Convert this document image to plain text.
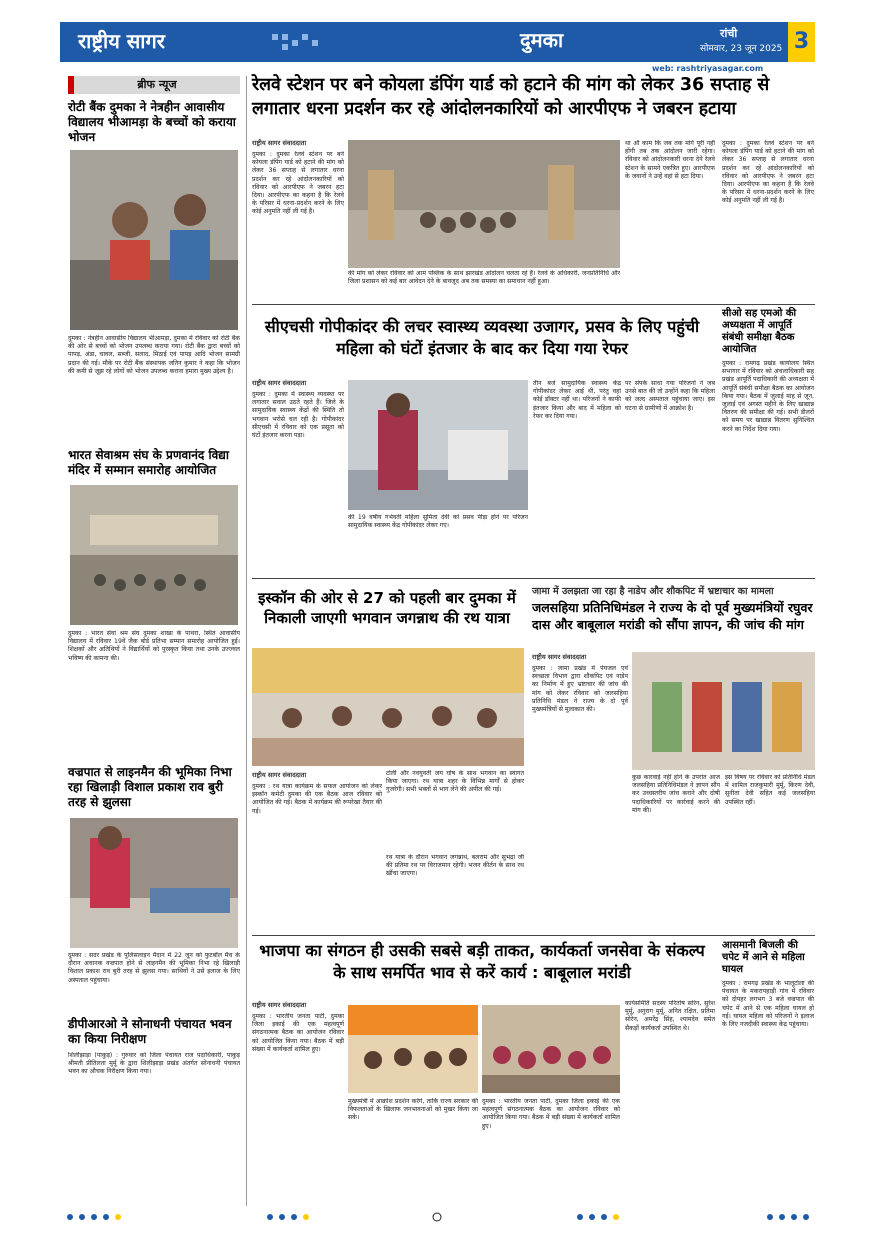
राष्ट्रीय सागर	दुमका	रांची
सोमवार, 23 जून 2025 3
web: rashtriyasagar.com
ब्रीफ न्यूज
रोटी बैंक दुमका ने नेत्रहीन आवासीय विद्यालय भीआमड़ा के बच्चों को कराया भोजन
दुमका : नेत्रहीन आवासीय विद्यालय भीआमड़ा, दुमका में रविवार को रोटी बैंक की ओर से बच्चों को भोजन उपलब्ध कराया गया। रोटी बैंक द्वारा बच्चों को पापड़, अंडा, चावल, सब्जी, सलाद, मिठाई एवं पापड़ आदि भोजन सामग्री प्रदान की गई। मौके पर रोटी बैंक संस्थापक जतिन कुमार ने कहा कि भोजन की कमी से जूझ रहे लोगों को भोजन उपलब्ध कराना हमारा मुख्य उद्देश्य है।
भारत सेवाश्रम संघ के प्रणवानंद विद्या मंदिर में सम्मान समारोह आयोजित
दुमका : भारत सेवा श्रम संघ दुमका शाखा के पाथरा, स्थित आवासीय विद्यालय में रविवार 19वें जैक बोर्ड प्रतिभा सम्मान समारोह आयोजित हुई। शिक्षकों और अतिथियों ने विद्यार्थियों को पुरस्कृत किया तथा उनके उज्ज्वल भविष्य की कामना की।
वज्रपात से लाइनमैन की भूमिका निभा रहा खिलाड़ी विशाल प्रकाश राव बुरी तरह से झुलसा
दुमका : सदर प्रखंड के पुलिसलाइन मैदान में 22 जून को फुटबॉल मैच के दौरान अचानक वज्रपात होने से लाइनमैन की भूमिका निभा रहे खिलाड़ी विशाल प्रकाश राव बुरी तरह से झुलस गया। साथियों ने उसे इलाज के लिए अस्पताल पहुंचाया।
डीपीआरओ ने सोनाधनी पंचायत भवन का किया निरीक्षण
शिलीझाड़ा (पाकुड़) : गुरुवार को जिला पंचायत राज पदाधिकारी, पाकुड़ श्रीमती प्रीतिलता मुर्मू के द्वारा शिलीझाड़ा प्रखंड अंतर्गत सोनाधनी पंचायत भवन का औचक निरीक्षण किया गया।
रेलवे स्टेशन पर बने कोयला डंपिंग यार्ड को हटाने की मांग को लेकर 36 सप्ताह से लगातार धरना प्रदर्शन कर रहे आंदोलनकारियों को आरपीएफ ने जबरन हटाया
राष्ट्रीय सागर संवाददाता
दुमका : दुमका रेलवे स्टेशन पर बने कोयला डंपिंग यार्ड को हटाने की मांग को लेकर 36 सप्ताह से लगातार धरना प्रदर्शन कर रहे आंदोलनकारियों को रविवार को आरपीएफ ने जबरन हटा दिया। आरपीएफ का कहना है कि रेलवे के परिसर में धरना-प्रदर्शन करने के लिए कोई अनुमति नहीं ली गई है।
की मांग को लेकर रविवार को आम पब्लिक के साथ झारखंड आंदोलन चलता रहे हैं। रेलवे के अधिकारी, जनप्रतिनिधि और जिला प्रशासन को कई बार आवेदन देने के बावजूद अब तक समस्या का समाधान नहीं हुआ।
था औ काम कि जब तक मांगें पूरी नहीं होंगी तब तक आंदोलन जारी रहेगा। रविवार को आंदोलनकारी धरना देने रेलवे स्टेशन के सामने एकत्रित हुए। आरपीएफ के जवानों ने उन्हें वहां से हटा दिया।
दुमका : दुमका रेलवे स्टेशन पर बने कोयला डंपिंग यार्ड को हटाने की मांग को लेकर 36 सप्ताह से लगातार धरना प्रदर्शन कर रहे आंदोलनकारियों को रविवार को आरपीएफ ने जबरन हटा दिया। आरपीएफ का कहना है कि रेलवे के परिसर में धरना-प्रदर्शन करने के लिए कोई अनुमति नहीं ली गई है।
सीएचसी गोपीकांदर की लचर स्वास्थ्य व्यवस्था उजागर, प्रसव के लिए पहुंची महिला को घंटों इंतजार के बाद कर दिया गया रेफर
राष्ट्रीय सागर संवाददाता
दुमका : दुमका में स्वास्थ्य व्यवस्था पर लगातार सवाल उठते रहते हैं। जिले के सामुदायिक स्वास्थ्य केंद्रों की स्थिति तो भगवान भरोसे चल रही है। गोपीकांदर सीएचसी में रविवार को एक प्रसूता को घंटों इंतजार करना पड़ा।
की 19 वर्षीय गर्भवती महिला सुमिता देवी को प्रसव पीड़ा होने पर परिजन सामुदायिक स्वास्थ्य केंद्र गोपीकांदर लेकर गए।
तीन बजे सामुदायिक स्वास्थ्य केंद्र गोपीकांदर लेकर आई थी, परंतु वहां कोई डॉक्टर नहीं था। परिजनों ने काफी इंतजार किया और बाद में महिला को रेफर कर दिया गया।
पर संपर्क साधा गया परिजनों ने जब उनसे बात की तो उन्होंने कहा कि महिला को जल्द अस्पताल पहुंचाया जाए। इस घटना से ग्रामीणों में आक्रोश है।
सीओ सह एमओ की अध्यक्षता में आपूर्ति संबंधी समीक्षा बैठक आयोजित
दुमका : रामगढ़ प्रखंड कार्यालय स्थित सभागार में रविवार को अंचलाधिकारी सह प्रखंड आपूर्ति पदाधिकारी की अध्यक्षता में आपूर्ति संबंधी समीक्षा बैठक का आयोजन किया गया। बैठक में जुलाई माह से जून, जुलाई एवं अगस्त महीने के लिए खाद्यान्न वितरण की समीक्षा की गई। सभी डीलरों को समय पर खाद्यान्न वितरण सुनिश्चित करने का निर्देश दिया गया।
इस्कॉन की ओर से 27 को पहली बार दुमका में निकाली जाएगी भगवान जगन्नाथ की रथ यात्रा
राष्ट्रीय सागर संवाददाता
दुमका : रथ यात्रा कार्यक्रम के सफल आयोजन को लेकर इस्कॉन कमेटी दुमका की एक बैठक आज रविवार को आयोजित की गई। बैठक में कार्यक्रम की रूपरेखा तैयार की गई।
टोली और नवयुवती जय घोष के साथ भगवान का स्वागत किया जाएगा। रथ यात्रा शहर के विभिन्न मार्गों से होकर गुजरेगी। सभी भक्तों से भाग लेने की अपील की गई।
रथ यात्रा के दौरान भगवान जगन्नाथ, बलराम और सुभद्रा जी की प्रतिमा रथ पर विराजमान रहेगी। भजन कीर्तन के साथ रथ खींचा जाएगा।
जामा में उलझता जा रहा है नाडेप और शौकपिट में भ्रष्टाचार का मामला
जलसहिया प्रतिनिधिमंडल ने राज्य के दो पूर्व मुख्यमंत्रियों रघुवर दास और बाबूलाल मरांडी को सौंपा ज्ञापन, की जांच की मांग
राष्ट्रीय सागर संवाददाता
दुमका : जामा प्रखंड में पेयजल एवं स्वच्छता विभाग द्वारा शौकपिट एवं नाडेप का निर्माण में हुए भ्रष्टाचार की जांच की मांग को लेकर रविवार को जलसहिया प्रतिनिधि मंडल ने राज्य के दो पूर्व मुख्यमंत्रियों से मुलाकात की।
कुछ कारवाई नहीं होने के उपरांत आज जलसहिया प्रतिनिधिमंडल ने ज्ञापन सौंप कर उच्चस्तरीय जांच कराने और दोषी पदाधिकारियों पर कार्रवाई करने की मांग की।
इस विषय पर रविवार को प्रतिनिधि मंडल में शामिल राजकुमारी मुर्मू, किरण देवी, सुनीता देवी सहित कई जलसहिया उपस्थित रहीं।
भाजपा का संगठन ही उसकी सबसे बड़ी ताकत, कार्यकर्ता जनसेवा के संकल्प के साथ समर्पित भाव से करें कार्य : बाबूलाल मरांडी
राष्ट्रीय सागर संवाददाता
दुमका : भारतीय जनता पार्टी, दुमका जिला इकाई की एक महत्वपूर्ण संगठनात्मक बैठक का आयोजन रविवार को आयोजित किया गया। बैठक में बड़ी संख्या में कार्यकर्ता शामिल हुए।
मुख्यमंत्री में आक्रोश प्रदर्शन करेंगे, ताकि राज्य सरकार की विफलताओं के खिलाफ जनभावनाओं को मुखर किया जा सके।
दुमका : भारतीय जनता पार्टी, दुमका जिला इकाई की एक महत्वपूर्ण संगठनात्मक बैठक का आयोजन रविवार को आयोजित किया गया। बैठक में बड़ी संख्या में कार्यकर्ता शामिल हुए।
कार्यसमिति सदस्य परितोष सोरेन, सुरेश मुर्मू, अनुराग मुर्मू, अनित रक्षित, प्रतिमा सोरेन, अमरेंद्र सिंह, श्यामदेव समेत सैकड़ों कार्यकर्ता उपस्थित थे।
आसमानी बिजली की चपेट में आने से महिला घायल
दुमका : रामगढ़ प्रखंड के भालूटोला की पंचायत के मकरापहाड़ी गांव में रविवार को दोपहर लगभग 3 बजे वज्रपात की चपेट में आने से एक महिला घायल हो गई। घायल महिला को परिजनों ने इलाज के लिए नजदीकी स्वास्थ्य केंद्र पहुंचाया।
